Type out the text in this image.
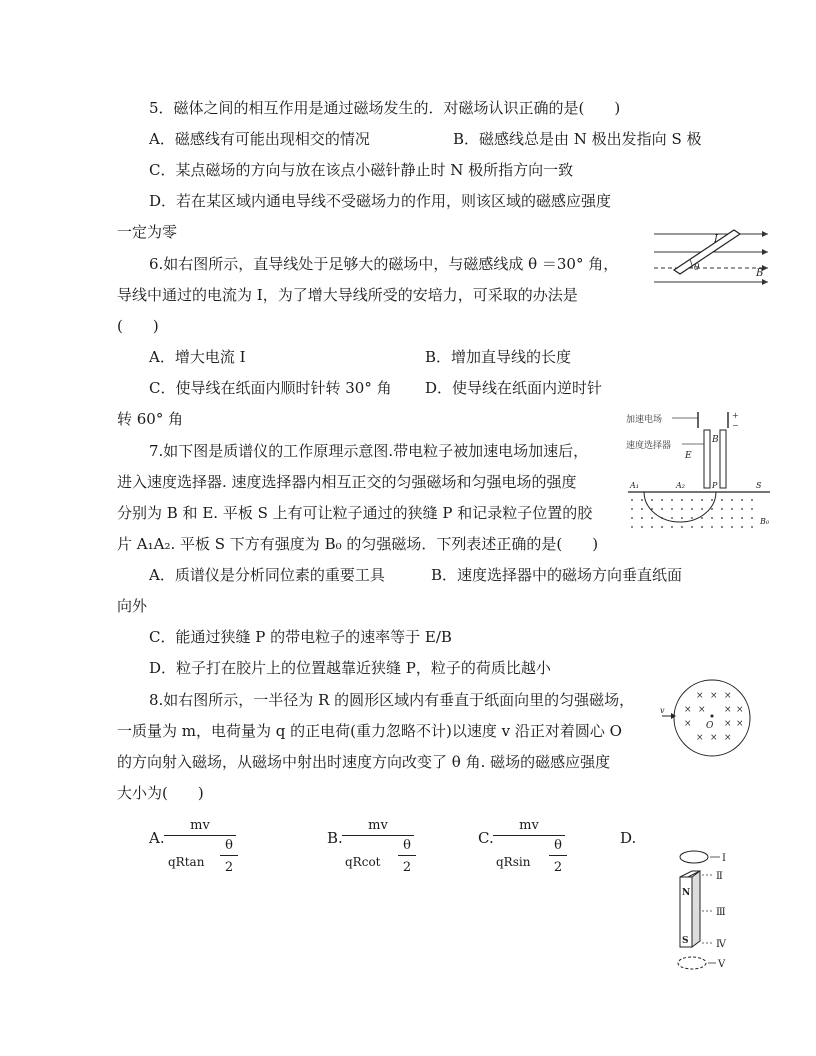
5．磁体之间的相互作用是通过磁场发生的．对磁场认识正确的是(　　)
A．磁感线有可能出现相交的情况	B．磁感线总是由 N 极出发指向 S 极
C．某点磁场的方向与放在该点小磁针静止时 N 极所指方向一致
D．若在某区域内通电导线不受磁场力的作用，则该区域的磁感应强度
一定为零
6.如右图所示，直导线处于足够大的磁场中，与磁感线成 θ ＝30° 角，
导线中通过的电流为 I，为了增大导线所受的安培力，可采取的办法是
(　　)
A．增大电流 I	B．增加直导线的长度
C．使导线在纸面内顺时针转 30° 角 D．使导线在纸面内逆时针
转 60° 角
I
θ	B
7.如下图是质谱仪的工作原理示意图.带电粒子被加速电场加速后，
进入速度选择器. 速度选择器内相互正交的匀强磁场和匀强电场的强度
分别为 B 和 E. 平板 S 上有可让粒子通过的狭缝 P 和记录粒子位置的胶
片 A₁A₂. 平板 S 下方有强度为 B₀ 的匀强磁场．下列表述正确的是(　　)
A．质谱仪是分析同位素的重要工具	B．速度选择器中的磁场方向垂直纸面
向外
C．能通过狭缝 P 的带电粒子的速率等于 E/B
D．粒子打在胶片上的位置越靠近狭缝 P，粒子的荷质比越小
加速电场	+
−
速度选择器
E
B
A₁	A₂	P	S
B₀
8.如右图所示，一半径为 R 的圆形区域内有垂直于纸面向里的匀强磁场，
一质量为 m，电荷量为 q 的正电荷(重力忽略不计)以速度 v 沿正对着圆心 O
的方向射入磁场，从磁场中射出时速度方向改变了 θ 角. 磁场的磁感应强度
大小为(　　)
v
O
× × ×
× × × ×
×	× ×
× × ×
A.
mv
qRtan $\frac{\theta}{2}$	B.
mv
qRcot $\frac{\theta}{2}$	C.
mv
qRsin $\frac{\theta}{2}$	D.
Ⅰ
N
S
Ⅱ
Ⅲ
Ⅳ
Ⅴ
